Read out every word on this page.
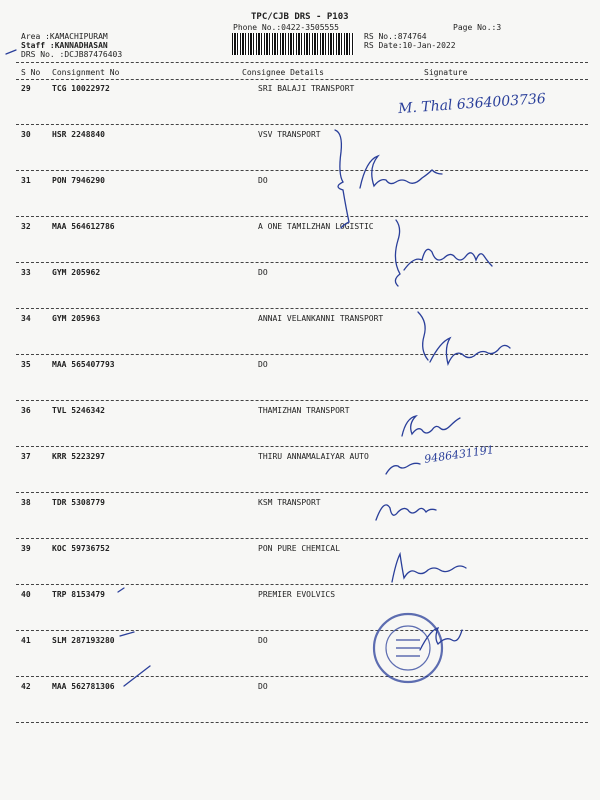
TPC/CJB DRS - P103
Phone No.:0422-3505555	Page No.:3
Area :KAMACHIPURAM
Staff :KANNADHASAN
DRS No. :DCJB87476403
RS No.:874764
RS Date:10-Jan-2022
S No Consignment No	Consignee Details	Signature
29	TCG 10022972	SRI BALAJI TRANSPORT
30	HSR 2248840	VSV TRANSPORT
31	PON 7946290	DO
32	MAA 564612786	A ONE TAMILZHAN LOGISTIC
33	GYM 205962	DO
34	GYM 205963	ANNAI VELANKANNI TRANSPORT
35	MAA 565407793	DO
36	TVL 5246342	THAMIZHAN TRANSPORT
37	KRR 5223297	THIRU ANNAMALAIYAR AUTO
38	TDR 5308779	KSM TRANSPORT
39	KOC 59736752	PON PURE CHEMICAL
40	TRP 8153479	PREMIER EVOLVICS
41	SLM 287193280	DO
42	MAA 562781306	DO
M. Thal 6364003736
9486431191
